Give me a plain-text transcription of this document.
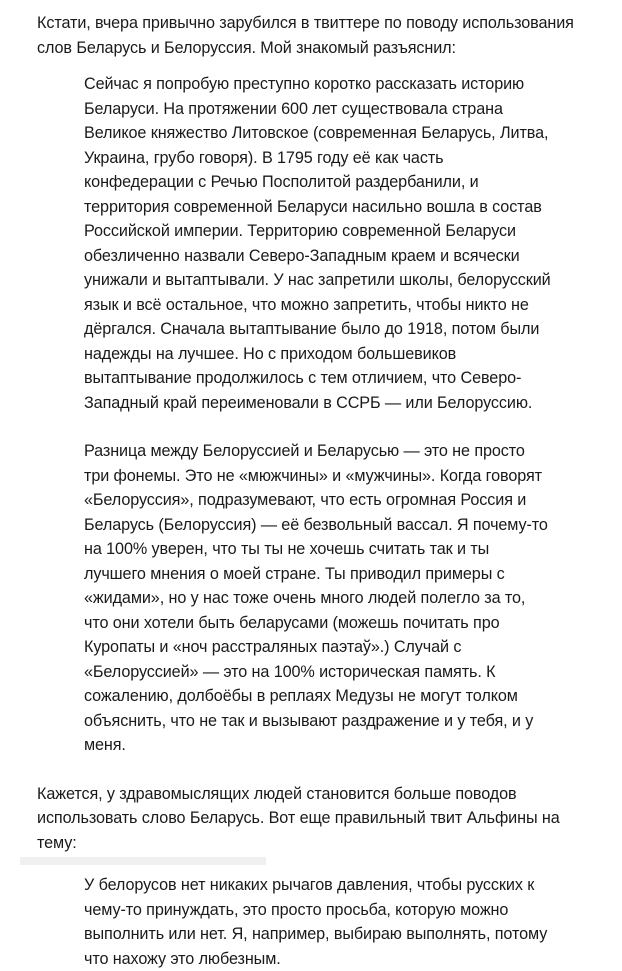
Кстати, вчера привычно зарубился в твиттере по поводу использования слов Беларусь и Белоруссия. Мой знакомый разъяснил:

Сейчас я попробую преступно коротко рассказать историю Беларуси. На протяжении 600 лет существовала страна Великое княжество Литовское (современная Беларусь, Литва, Украина, грубо говоря). В 1795 году её как часть конфедерации с Речью Посполитой раздербанили, и территория современной Беларуси насильно вошла в состав Российской империи. Территорию современной Беларуси обезличенно назвали Северо-Западным краем и всячески унижали и вытаптывали. У нас запретили школы, белорусский язык и всё остальное, что можно запретить, чтобы никто не дёргался. Сначала вытаптывание было до 1918, потом были надежды на лучшее. Но с приходом большевиков вытаптывание продолжилось с тем отличием, что Северо-Западный край переименовали в ССРБ — или Белоруссию.

Разница между Белоруссией и Беларусью — это не просто три фонемы. Это не «мюжчины» и «мужчины». Когда говорят «Белоруссия», подразумевают, что есть огромная Россия и Беларусь (Белоруссия) — её безвольный вассал. Я почему-то на 100% уверен, что ты ты не хочешь считать так и ты лучшего мнения о моей стране. Ты приводил примеры с «жидами», но у нас тоже очень много людей полегло за то, что они хотели быть беларусами (можешь почитать про Куропаты и «ноч расстраляных паэтаў».) Случай с «Белоруссией» — это на 100% историческая память. К сожалению, долбоёбы в реплаях Медузы не могут толком объяснить, что не так и вызывают раздражение и у тебя, и у меня.

Кажется, у здравомыслящих людей становится больше поводов использовать слово Беларусь. Вот еще правильный твит Альфины на тему:

У белорусов нет никаких рычагов давления, чтобы русских к чему-то принуждать, это просто просьба, которую можно выполнить или нет. Я, например, выбираю выполнять, потому что нахожу это любезным.
